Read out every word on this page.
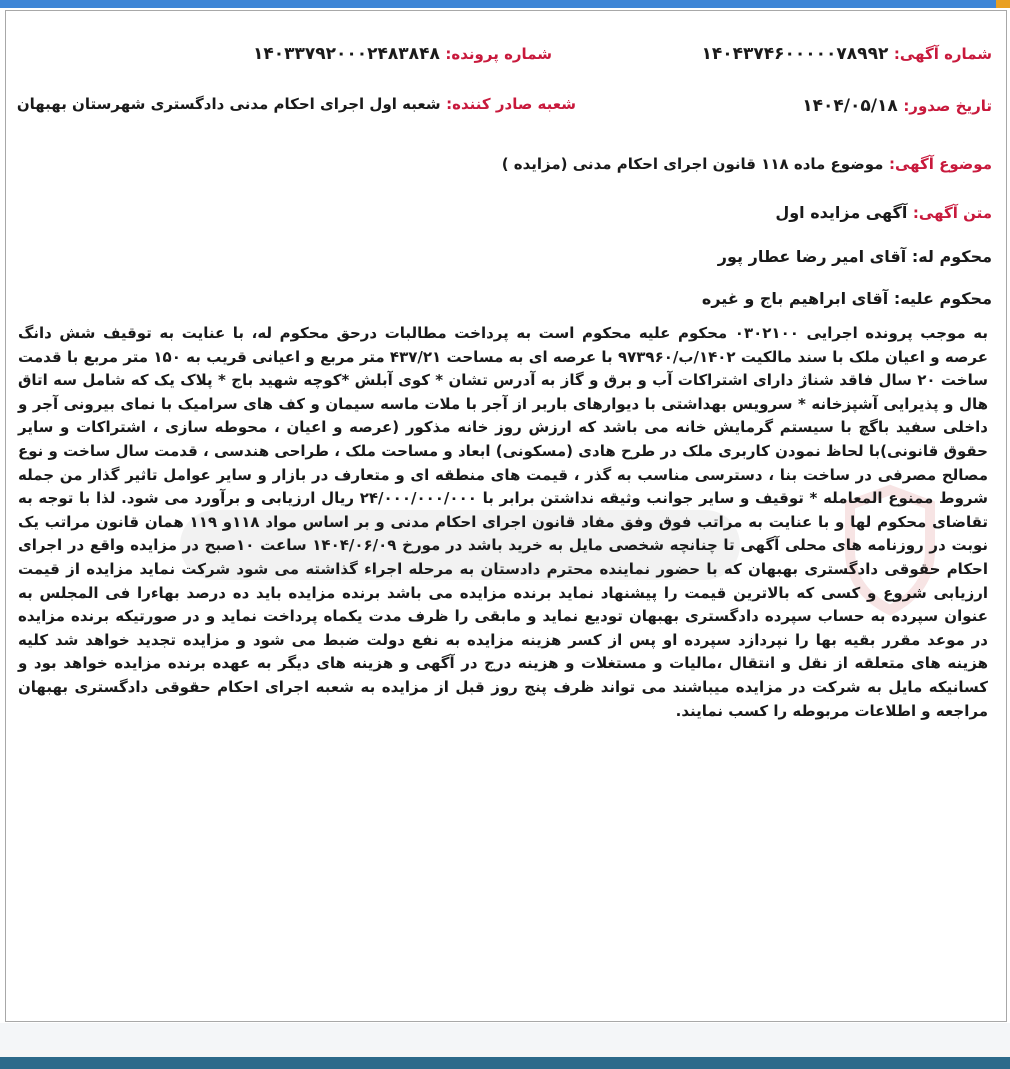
شماره آگهی: ۱۴۰۴۳۷۴۶۰۰۰۰۰۷۸۹۹۲
شماره پرونده: ۱۴۰۳۳۷۹۲۰۰۰۲۴۸۳۸۴۸
تاریخ صدور: ۱۴۰۴/۰۵/۱۸
شعبه صادر کننده: شعبه اول اجرای احکام مدنی دادگستری شهرستان بهبهان
موضوع آگهی: موضوع ماده ۱۱۸ قانون اجرای احکام مدنی (مزایده )
متن آگهی: آگهی مزایده اول
محکوم له: آقای امیر رضا عطار پور
محکوم علیه: آقای ابراهیم باج و غیره
به موجب پرونده اجرایی ۰۳۰۲۱۰۰ محکوم علیه محکوم است به پرداخت مطالبات درحق محکوم له، با عنایت به توقیف شش دانگ عرصه و اعیان ملک با سند مالکیت ۱۴۰۲/ب/۹۷۳۹۶۰ با عرصه ای به مساحت ۴۳۷/۲۱ متر مربع و اعیانی قریب به ۱۵۰ متر مربع با قدمت ساخت ۲۰ سال فاقد شناژ دارای اشتراکات آب و برق و گاز به آدرس تشان * کوی آبلش *کوچه شهید باج * پلاک یک که شامل سه اتاق هال و پذیرایی آشپزخانه * سرویس بهداشتی با دیوارهای باربر از آجر با ملات ماسه سیمان و کف های سرامیک با نمای بیرونی آجر و داخلی سفید باگچ با سیستم گرمایش خانه می باشد که ارزش روز خانه مذکور (عرصه و اعیان ، محوطه سازی ، اشتراکات و سایر حقوق قانونی)با لحاظ نمودن کاربری ملک در طرح هادی (مسکونی) ابعاد و مساحت ملک ، طراحی هندسی ، قدمت سال ساخت و نوع مصالح مصرفی در ساخت بنا ، دسترسی مناسب به گذر ، قیمت های منطقه ای و متعارف در بازار و سایر عوامل تاثیر گذار من جمله شروط ممنوع المعامله * توقیف و سایر جوانب وثیقه نداشتن برابر با ۲۴/۰۰۰/۰۰۰/۰۰۰ ریال ارزیابی و برآورد می شود. لذا با توجه به تقاضای محکوم لها و با عنایت به مراتب فوق وفق مفاد قانون اجرای احکام مدنی و بر اساس مواد ۱۱۸و ۱۱۹ همان قانون مراتب یک نوبت در روزنامه های محلی آگهی تا چنانچه شخصی مایل به خرید باشد در مورخ ۱۴۰۴/۰۶/۰۹ ساعت ۱۰صبح در مزایده واقع در اجرای احکام حقوقی دادگستری بهبهان که با حضور نماینده محترم دادستان به مرحله اجراء گذاشته می شود شرکت نماید مزایده از قیمت ارزیابی شروع و کسی که بالاترین قیمت را پیشنهاد نماید برنده مزایده می باشد برنده مزایده باید ده درصد بهاءرا فی المجلس به عنوان سپرده به حساب سپرده دادگستری بهبهان تودیع نماید و مابقی را ظرف مدت یکماه پرداخت نماید و در صورتیکه برنده مزایده در موعد مقرر بقیه بها را نپردازد سپرده او پس از کسر هزینه مزایده به نفع دولت ضبط می شود و مزایده تجدید خواهد شد کلیه هزینه های متعلقه از نقل و انتقال ،مالیات و مستغلات و هزینه درج در آگهی و هزینه های دیگر به عهده برنده مزایده خواهد بود و کسانیکه مایل به شرکت در مزایده میباشند می تواند ظرف پنج روز قبل از مزایده به شعبه اجرای احکام حقوقی دادگستری بهبهان مراجعه و اطلاعات مربوطه را کسب نمایند.
